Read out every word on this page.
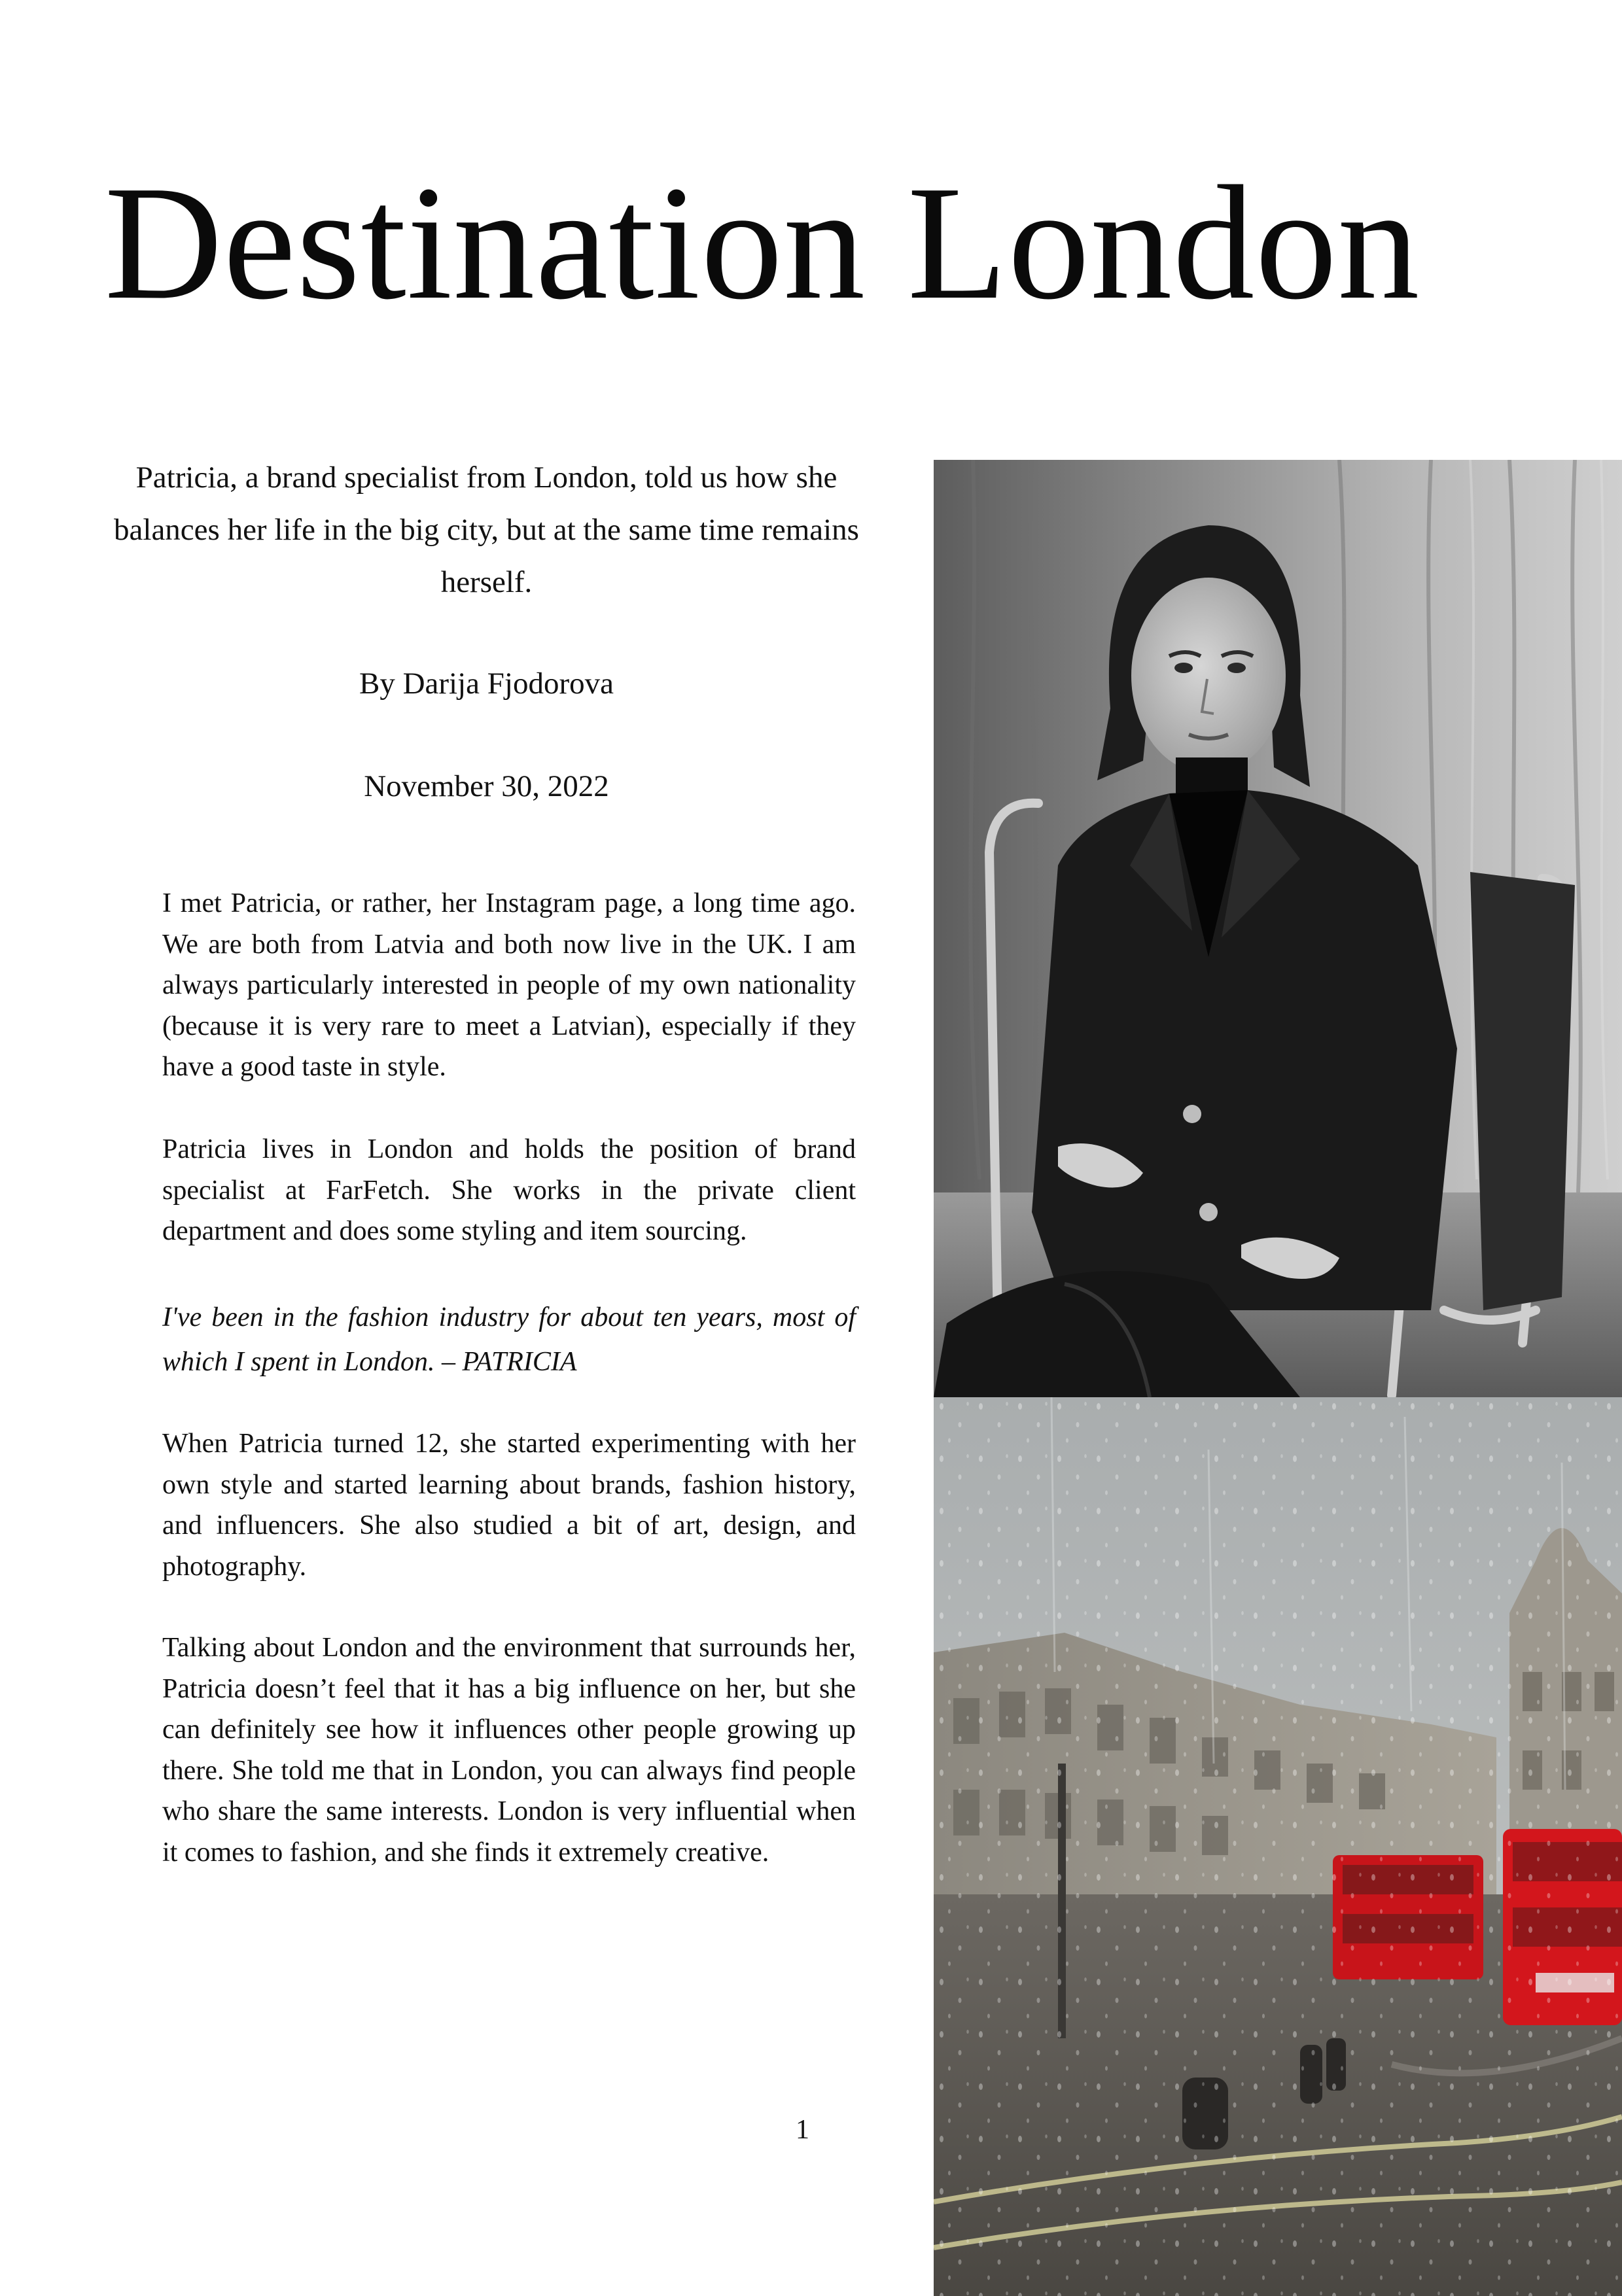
Destination London

Patricia, a brand specialist from London, told us how she balances her life in the big city, but at the same time remains herself.

By Darija Fjodorova

November 30, 2022

I met Patricia, or rather, her Instagram page, a long time ago. We are both from Latvia and both now live in the UK. I am always particularly interested in people of my own nationality (because it is very rare to meet a Latvian), especially if they have a good taste in style.

Patricia lives in London and holds the position of brand specialist at FarFetch. She works in the private client department and does some styling and item sourcing.

I've been in the fashion industry for about ten years, most of which I spent in London. – PATRICIA

When Patricia turned 12, she started experimenting with her own style and started learning about brands, fashion history, and influencers. She also studied a bit of art, design, and photography.

Talking about London and the environment that surrounds her, Patricia doesn’t feel that it has a big influence on her, but she can definitely see how it influences other people growing up there. She told me that in London, you can always find people who share the same interests. London is very influential when it comes to fashion, and she finds it extremely creative.

1
